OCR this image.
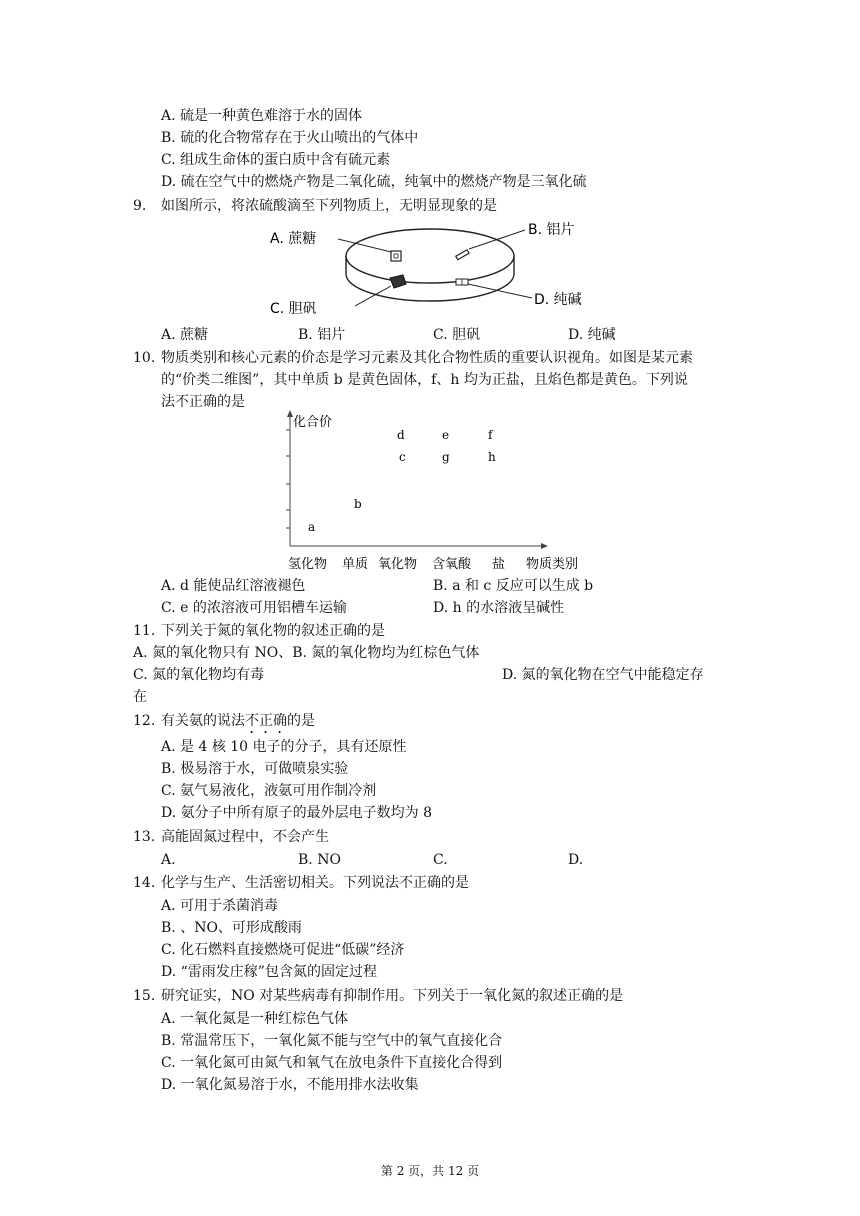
A. 硫是一种黄色难溶于水的固体
B. 硫的化合物常存在于火山喷出的气体中
C. 组成生命体的蛋白质中含有硫元素
D. 硫在空气中的燃烧产物是二氧化硫，纯氧中的燃烧产物是三氧化硫
9. 如图所示，将浓硫酸滴至下列物质上，无明显现象的是
A. 蔗糖
B. 铝片
C. 胆矾
D. 纯碱
A. 蔗糖	B. 铝片	C. 胆矾	D. 纯碱
10. 物质类别和核心元素的价态是学习元素及其化合物性质的重要认识视角。如图是某元素
的“价类二维图”，其中单质 b 是黄色固体，f、h 均为正盐，且焰色都是黄色。下列说
法不正确的是
化合价
d	e	f
c	g	h
b
a
氢化物 单质 氧化物 含氧酸 盐 物质类别
A. d 能使品红溶液褪色	B. a 和 c 反应可以生成 b
C. e 的浓溶液可用铝槽车运输	D. h 的水溶液呈碱性
11. 下列关于氮的氧化物的叙述正确的是
A. 氮的氧化物只有 NO、B. 氮的氧化物均为红棕色气体
C. 氮的氧化物均有毒	D. 氮的氧化物在空气中能稳定存
在
12. 有关氨的说法不正确的是
A. 是 4 核 10 电子的分子，具有还原性
B. 极易溶于水，可做喷泉实验
C. 氨气易液化，液氨可用作制冷剂
D. 氨分子中所有原子的最外层电子数均为 8
13. 高能固氮过程中，不会产生
A.	B. NO	C.	D.
14. 化学与生产、生活密切相关。下列说法不正确的是
A. 可用于杀菌消毒
B. 、NO、可形成酸雨
C. 化石燃料直接燃烧可促进“低碳”经济
D. “雷雨发庄稼”包含氮的固定过程
15. 研究证实，NO 对某些病毒有抑制作用。下列关于一氧化氮的叙述正确的是
A. 一氧化氮是一种红棕色气体
B. 常温常压下，一氧化氮不能与空气中的氧气直接化合
C. 一氧化氮可由氮气和氧气在放电条件下直接化合得到
D. 一氧化氮易溶于水，不能用排水法收集
第 2 页，共 12 页
